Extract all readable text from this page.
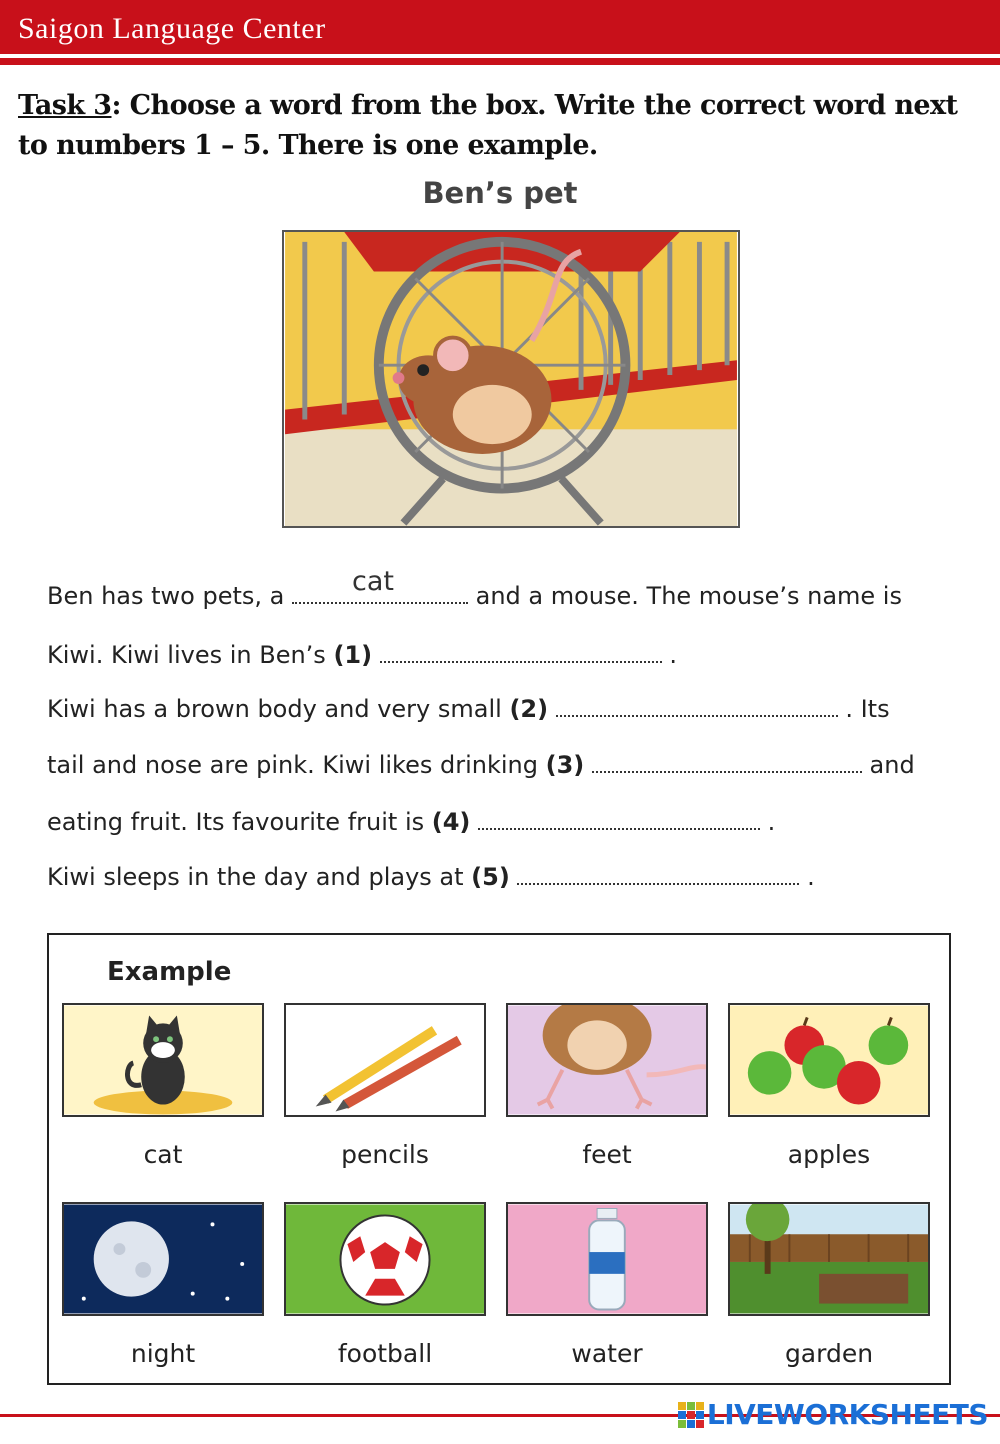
Saigon Language Center
Task 3: Choose a word from the box. Write the correct word next to numbers 1 – 5. There is one example.
Ben’s pet
Ben has two pets, a cat	and a mouse. The mouse’s name is
Kiwi. Kiwi lives in Ben’s (1)	.
Kiwi has a brown body and very small (2)	. Its
tail and nose are pink. Kiwi likes drinking (3)	and
eating fruit. Its favourite fruit is (4)	.
Kiwi sleeps in the day and plays at (5)	.
Example
cat	pencils	feet	apples
night	football	water	garden
LIVEWORKSHEETS
